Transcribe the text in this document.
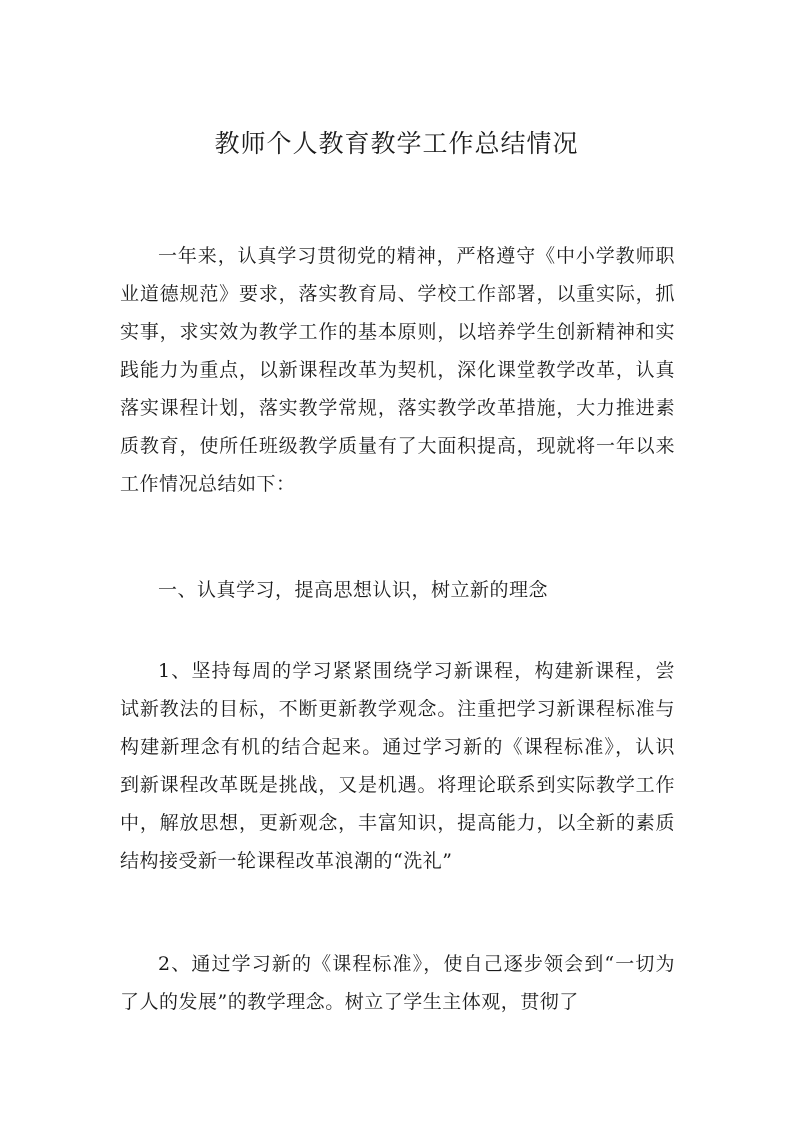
教师个人教育教学工作总结情况

一年来，认真学习贯彻党的精神，严格遵守《中小学教师职业道德规范》要求，落实教育局、学校工作部署，以重实际，抓实事，求实效为教学工作的基本原则，以培养学生创新精神和实践能力为重点，以新课程改革为契机，深化课堂教学改革，认真落实课程计划，落实教学常规，落实教学改革措施，大力推进素质教育，使所任班级教学质量有了大面积提高，现就将一年以来工作情况总结如下：

一、认真学习，提高思想认识，树立新的理念

1、坚持每周的学习紧紧围绕学习新课程，构建新课程，尝试新教法的目标，不断更新教学观念。注重把学习新课程标准与构建新理念有机的结合起来。通过学习新的《课程标准》，认识到新课程改革既是挑战，又是机遇。将理论联系到实际教学工作中，解放思想，更新观念，丰富知识，提高能力，以全新的素质结构接受新一轮课程改革浪潮的“洗礼”

2、通过学习新的《课程标准》，使自己逐步领会到“一切为了人的发展”的教学理念。树立了学生主体观，贯彻了
